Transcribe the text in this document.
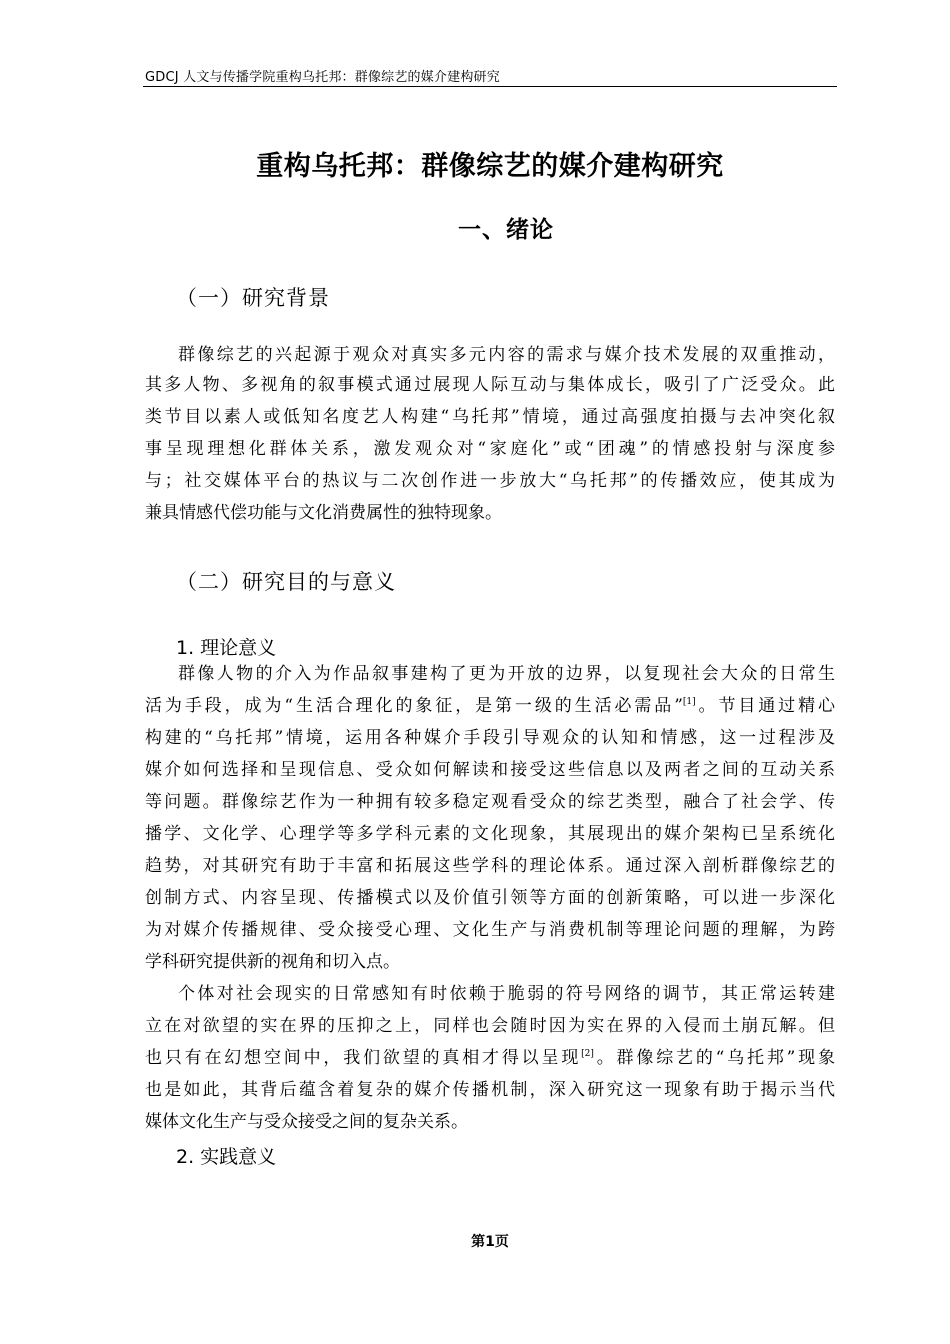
GDCJ 人文与传播学院重构乌托邦：群像综艺的媒介建构研究
重构乌托邦：群像综艺的媒介建构研究
一、绪论
（一）研究背景
群像综艺的兴起源于观众对真实多元内容的需求与媒介技术发展的双重推动，
其多人物、多视角的叙事模式通过展现人际互动与集体成长，吸引了广泛受众。此
类节目以素人或低知名度艺人构建“乌托邦”情境，通过高强度拍摄与去冲突化叙
事呈现理想化群体关系，激发观众对“家庭化”或“团魂”的情感投射与深度参
与；社交媒体平台的热议与二次创作进一步放大“乌托邦”的传播效应，使其成为
兼具情感代偿功能与文化消费属性的独特现象。
（二）研究目的与意义
1. 理论意义
群像人物的介入为作品叙事建构了更为开放的边界，以复现社会大众的日常生
活为手段，成为“生活合理化的象征，是第一级的生活必需品”[1]。节目通过精心
构建的“乌托邦”情境，运用各种媒介手段引导观众的认知和情感，这一过程涉及
媒介如何选择和呈现信息、受众如何解读和接受这些信息以及两者之间的互动关系
等问题。群像综艺作为一种拥有较多稳定观看受众的综艺类型，融合了社会学、传
播学、文化学、心理学等多学科元素的文化现象，其展现出的媒介架构已呈系统化
趋势，对其研究有助于丰富和拓展这些学科的理论体系。通过深入剖析群像综艺的
创制方式、内容呈现、传播模式以及价值引领等方面的创新策略，可以进一步深化
为对媒介传播规律、受众接受心理、文化生产与消费机制等理论问题的理解，为跨
学科研究提供新的视角和切入点。
个体对社会现实的日常感知有时依赖于脆弱的符号网络的调节，其正常运转建
立在对欲望的实在界的压抑之上，同样也会随时因为实在界的入侵而土崩瓦解。但
也只有在幻想空间中，我们欲望的真相才得以呈现[2]。群像综艺的“乌托邦”现象
也是如此，其背后蕴含着复杂的媒介传播机制，深入研究这一现象有助于揭示当代
媒体文化生产与受众接受之间的复杂关系。
2. 实践意义
第1页
